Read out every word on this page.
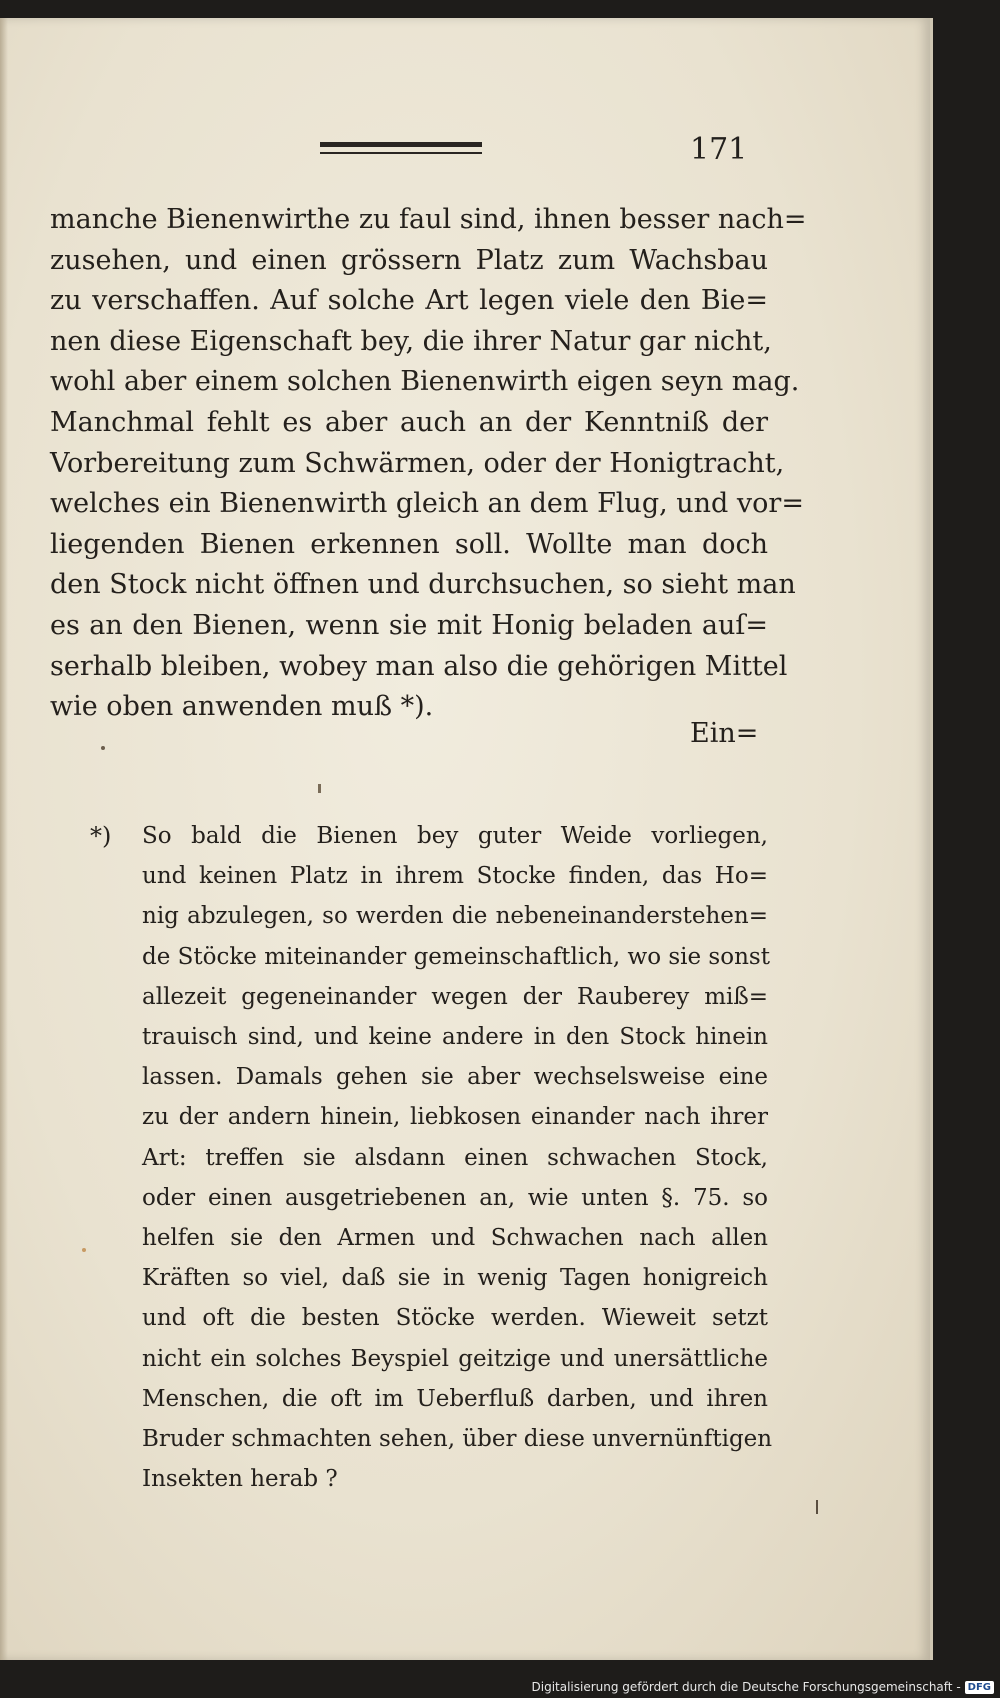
171
manche Bienenwirthe zu faul sind, ihnen besser nach=
zusehen, und einen grössern Platz zum Wachsbau
zu verschaffen. Auf solche Art legen viele den Bie=
nen diese Eigenschaft bey, die ihrer Natur gar nicht,
wohl aber einem solchen Bienenwirth eigen seyn mag.
Manchmal fehlt es aber auch an der Kenntniß der
Vorbereitung zum Schwärmen, oder der Honigtracht,
welches ein Bienenwirth gleich an dem Flug, und vor=
liegenden Bienen erkennen soll. Wollte man doch
den Stock nicht öffnen und durchsuchen, so sieht man
es an den Bienen, wenn sie mit Honig beladen auſ=
serhalb bleiben, wobey man also die gehörigen Mittel
wie oben anwenden muß *).
Ein=
*) So bald die Bienen bey guter Weide vorliegen,
und keinen Platz in ihrem Stocke finden, das Ho=
nig abzulegen, so werden die nebeneinanderstehen=
de Stöcke miteinander gemeinschaftlich, wo sie sonst
allezeit gegeneinander wegen der Rauberey miß=
trauisch sind, und keine andere in den Stock hinein
lassen. Damals gehen sie aber wechselsweise eine
zu der andern hinein, liebkosen einander nach ihrer
Art: treffen sie alsdann einen schwachen Stock,
oder einen ausgetriebenen an, wie unten §. 75. so
helfen sie den Armen und Schwachen nach allen
Kräften so viel, daß sie in wenig Tagen honigreich
und oft die besten Stöcke werden. Wieweit setzt
nicht ein solches Beyspiel geitzige und unersättliche
Menschen, die oft im Ueberfluß darben, und ihren
Bruder schmachten sehen, über diese unvernünftigen
Insekten herab ?
Digitalisierung gefördert durch die Deutsche Forschungsgemeinschaft - DFG
